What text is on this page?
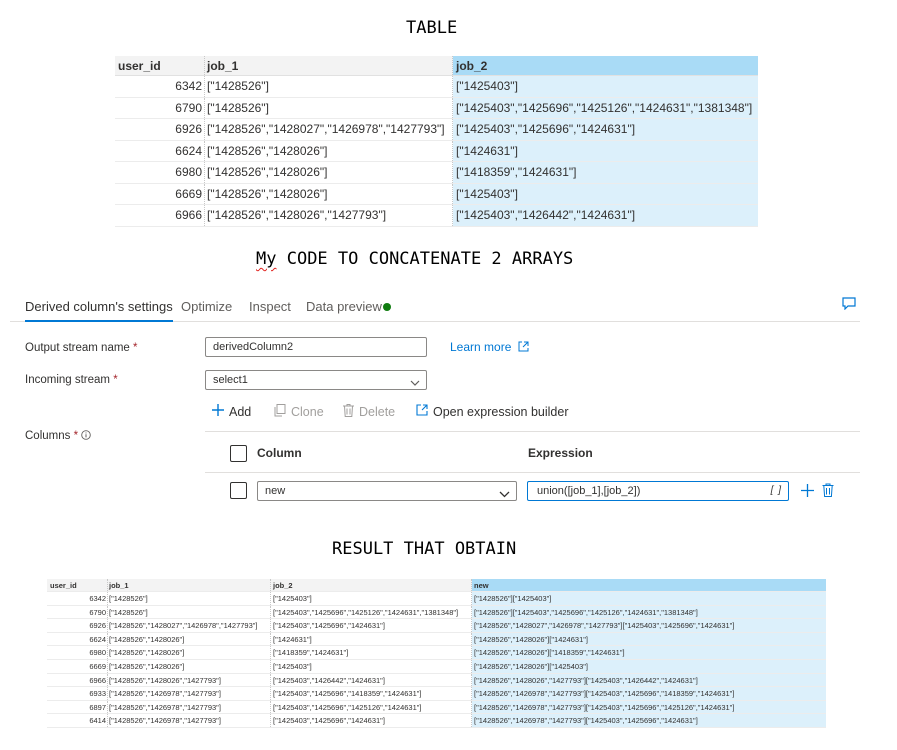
TABLE
My CODE TO CONCATENATE 2 ARRAYS
RESULT THAT OBTAIN
user_id	job_1	job_2
6342 ["1428526"]	["1425403"]
6790 ["1428526"]	["1425403","1425696","1425126","1424631","1381348"]
6926 ["1428526","1428027","1426978","1427793"] ["1425403","1425696","1424631"]
6624 ["1428526","1428026"]	["1424631"]
6980 ["1428526","1428026"]	["1418359","1424631"]
6669 ["1428526","1428026"]	["1425403"]
6966 ["1428526","1428026","1427793"]	["1425403","1426442","1424631"]
Derived column's settings Optimize Inspect Data preview
Output stream name *	derivedColumn2	Learn more
Incoming stream *	select1
Add	Clone	Delete	Open expression builder
Columns *
Column	Expression
new	union([job_1],[job_2])	[ ]
user_id	job_1	job_2	new
6342 ["1428526"]	["1425403"]	["1428526"]["1425403"]
6790 ["1428526"]	["1425403","1425696","1425126","1424631","1381348"]	["1428526"]["1425403","1425696","1425126","1424631","1381348"]
6926 ["1428526","1428027","1426978","1427793"]	["1425403","1425696","1424631"]	["1428526","1428027","1426978","1427793"]["1425403","1425696","1424631"]
6624 ["1428526","1428026"]	["1424631"]	["1428526","1428026"]["1424631"]
6980 ["1428526","1428026"]	["1418359","1424631"]	["1428526","1428026"]["1418359","1424631"]
6669 ["1428526","1428026"]	["1425403"]	["1428526","1428026"]["1425403"]
6966 ["1428526","1428026","1427793"]	["1425403","1426442","1424631"]	["1428526","1428026","1427793"]["1425403","1426442","1424631"]
6933 ["1428526","1426978","1427793"]	["1425403","1425696","1418359","1424631"]	["1428526","1426978","1427793"]["1425403","1425696","1418359","1424631"]
6897 ["1428526","1426978","1427793"]	["1425403","1425696","1425126","1424631"]	["1428526","1426978","1427793"]["1425403","1425696","1425126","1424631"]
6414 ["1428526","1426978","1427793"]	["1425403","1425696","1424631"]	["1428526","1426978","1427793"]["1425403","1425696","1424631"]
